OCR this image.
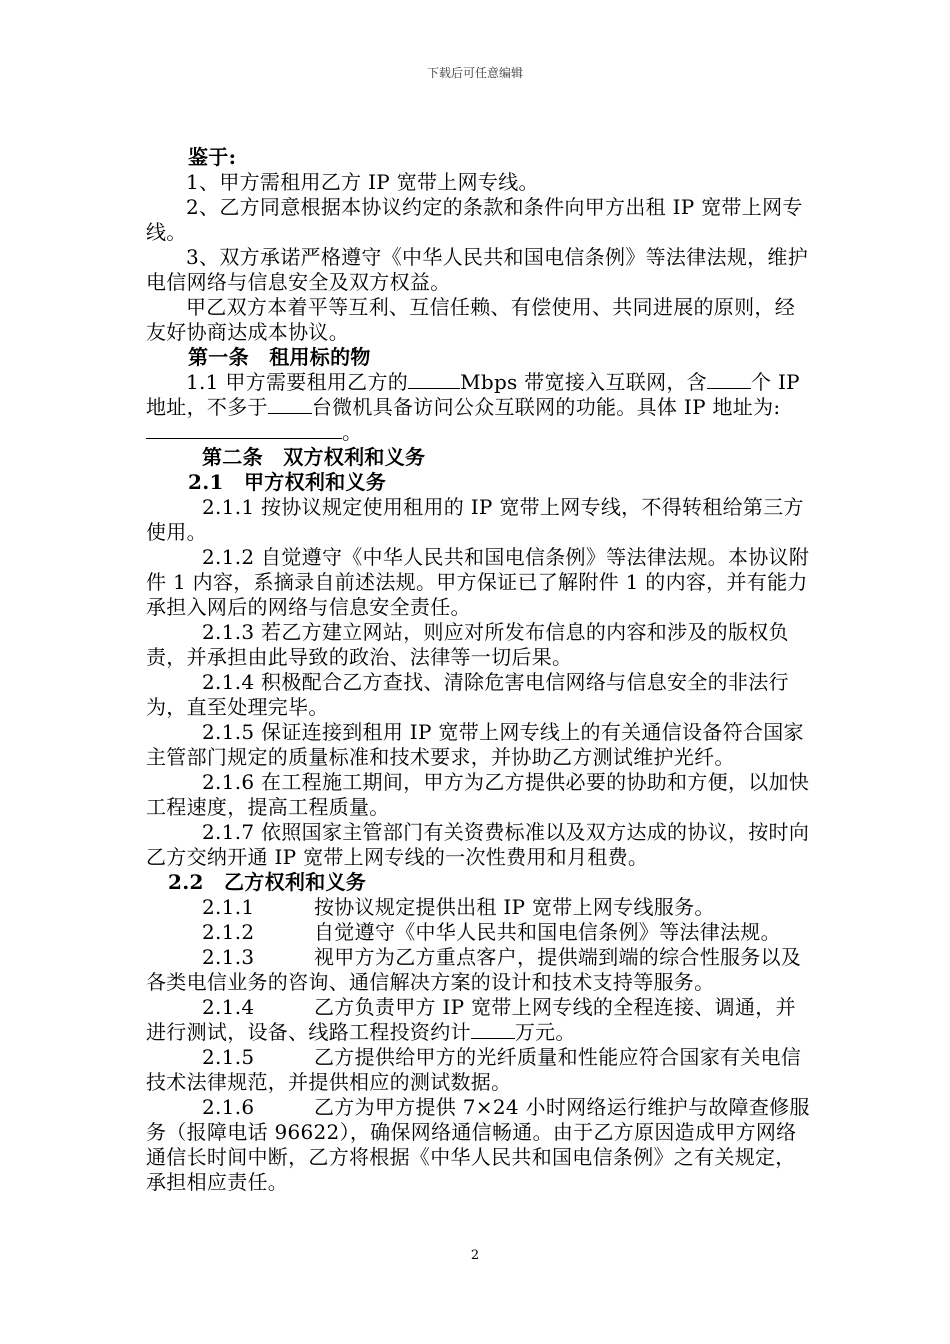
下载后可任意编辑

鉴于:

1、甲方需租用乙方 IP 宽带上网专线。

2、乙方同意根据本协议约定的条款和条件向甲方出租 IP 宽带上网专线。

3、双方承诺严格遵守《中华人民共和国电信条例》等法律法规，维护电信网络与信息安全及双方权益。

甲乙双方本着平等互利、互信任赖、有偿使用、共同进展的原则，经友好协商达成本协议。

第一条　租用标的物

1.1 甲方需要租用乙方的	Mbps 带宽接入互联网，含 个 IP 地址，不多于 台微机具备访问公众互联网的功能。具体 IP 地址为: 。

第二条　双方权利和义务

2.1　甲方权利和义务

2.1.1 按协议规定使用租用的 IP 宽带上网专线，不得转租给第三方使用。

2.1.2 自觉遵守《中华人民共和国电信条例》等法律法规。本协议附件 1 内容，系摘录自前述法规。甲方保证已了解附件 1 的内容，并有能力承担入网后的网络与信息安全责任。

2.1.3 若乙方建立网站，则应对所发布信息的内容和涉及的版权负责，并承担由此导致的政治、法律等一切后果。

2.1.4 积极配合乙方查找、清除危害电信网络与信息安全的非法行为，直至处理完毕。

2.1.5 保证连接到租用 IP 宽带上网专线上的有关通信设备符合国家主管部门规定的质量标准和技术要求，并协助乙方测试维护光纤。

2.1.6 在工程施工期间，甲方为乙方提供必要的协助和方便，以加快工程速度，提高工程质量。

2.1.7 依照国家主管部门有关资费标准以及双方达成的协议，按时向乙方交纳开通 IP 宽带上网专线的一次性费用和月租费。

2.2　乙方权利和义务

2.1.1	按协议规定提供出租 IP 宽带上网专线服务。

2.1.2	自觉遵守《中华人民共和国电信条例》等法律法规。

2.1.3	视甲方为乙方重点客户，提供端到端的综合性服务以及各类电信业务的咨询、通信解决方案的设计和技术支持等服务。

2.1.4	乙方负责甲方 IP 宽带上网专线的全程连接、调通，并进行测试，设备、线路工程投资约计 万元。

2.1.5	乙方提供给甲方的光纤质量和性能应符合国家有关电信技术法律规范，并提供相应的测试数据。

2.1.6	乙方为甲方提供 7×24 小时网络运行维护与故障查修服务（报障电话 96622），确保网络通信畅通。由于乙方原因造成甲方网络通信长时间中断，乙方将根据《中华人民共和国电信条例》之有关规定，承担相应责任。

2
